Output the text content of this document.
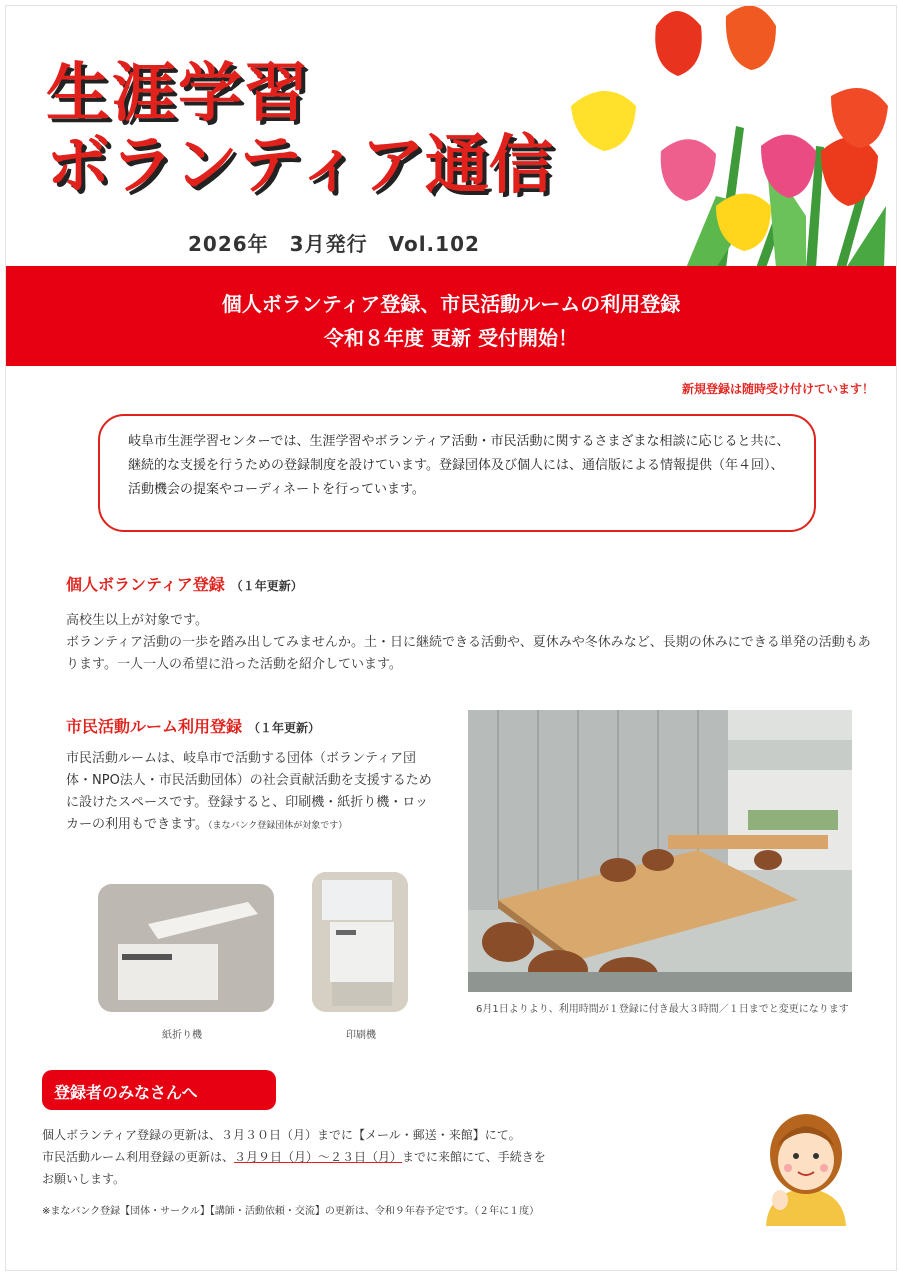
生涯学習
ボランティア通信
2026年　3月発行　Vol.102
個人ボランティア登録、市民活動ルームの利用登録
令和８年度 更新 受付開始！
新規登録は随時受け付けています！
岐阜市生涯学習センターでは、生涯学習やボランティア活動・市民活動に関するさまざまな相談に応じると共に、継続的な支援を行うための登録制度を設けています。登録団体及び個人には、通信版による情報提供（年４回）、活動機会の提案やコーディネートを行っています。
個人ボランティア登録 （１年更新）
高校生以上が対象です。
ボランティア活動の一歩を踏み出してみませんか。土・日に継続できる活動や、夏休みや冬休みなど、長期の休みにできる単発の活動もあります。一人一人の希望に沿った活動を紹介しています。
市民活動ルーム利用登録 （１年更新）
市民活動ルームは、岐阜市で活動する団体（ボランティア団体・NPO法人・市民活動団体）の社会貢献活動を支援するために設けたスペースです。登録すると、印刷機・紙折り機・ロッカーの利用もできます。（まなバンク登録団体が対象です）
6月1日よりより、利用時間が１登録に付き最大３時間／１日までと変更になります
紙折り機	印刷機
登録者のみなさんへ
個人ボランティア登録の更新は、３月３０日（月）までに【メール・郵送・来館】にて。
市民活動ルーム利用登録の更新は、３月９日（月）～２３日（月）までに来館にて、手続きを
お願いします。
※まなバンク登録【団体・サークル】【講師・活動依頼・交流】の更新は、令和９年春予定です。（２年に１度）
